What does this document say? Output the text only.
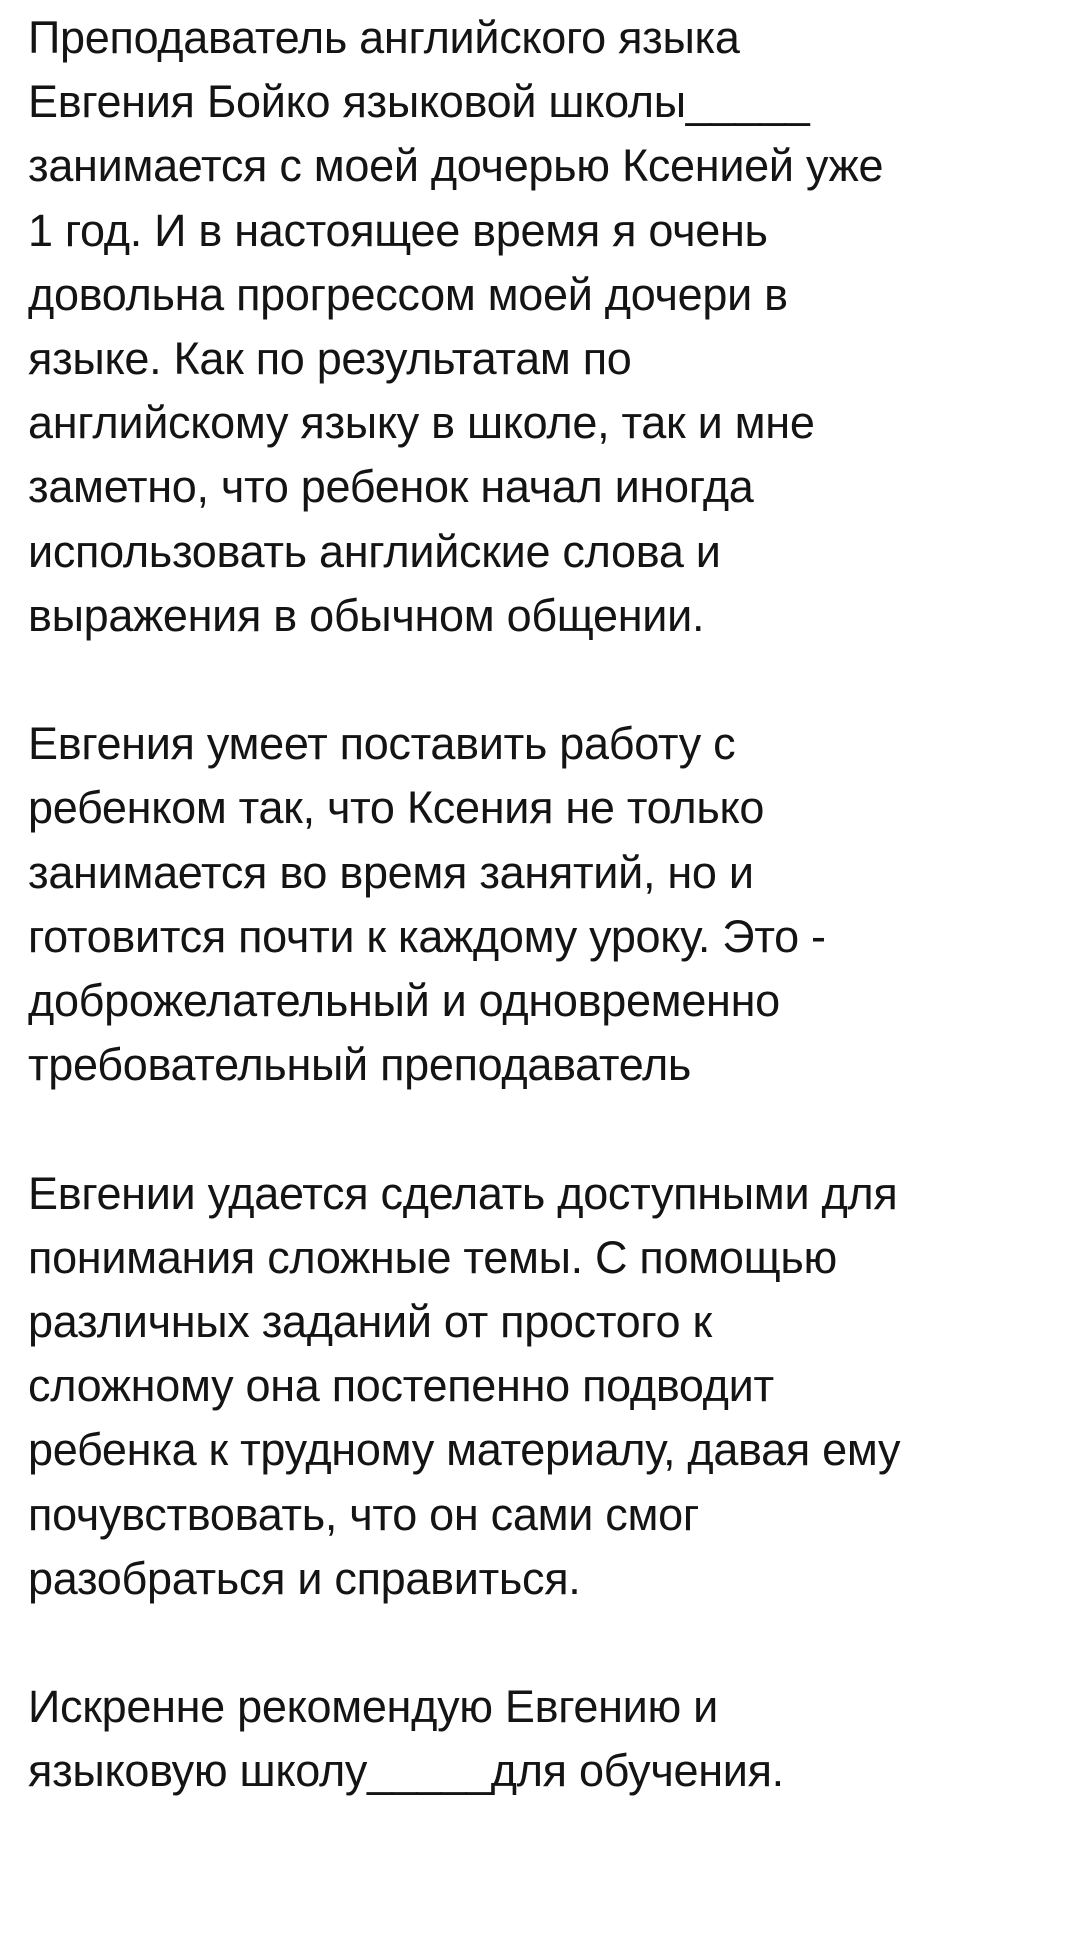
Преподаватель английского языка
Евгения Бойко языковой школы_____
занимается с моей дочерью Ксенией уже
1 год. И в настоящее время я очень
довольна прогрессом моей дочери в
языке. Как по результатам по
английскому языку в школе, так и мне
заметно, что ребенок начал иногда
использовать английские слова и
выражения в обычном общении.
Евгения умеет поставить работу с
ребенком так, что Ксения не только
занимается во время занятий, но и
готовится почти к каждому уроку. Это -
доброжелательный и одновременно
требовательный преподаватель
Евгении удается сделать доступными для
понимания сложные темы. С помощью
различных заданий от простого к
сложному она постепенно подводит
ребенка к трудному материалу, давая ему
почувствовать, что он сами смог
разобраться и справиться.
Искренне рекомендую Евгению и
языковую школу_____для обучения.
